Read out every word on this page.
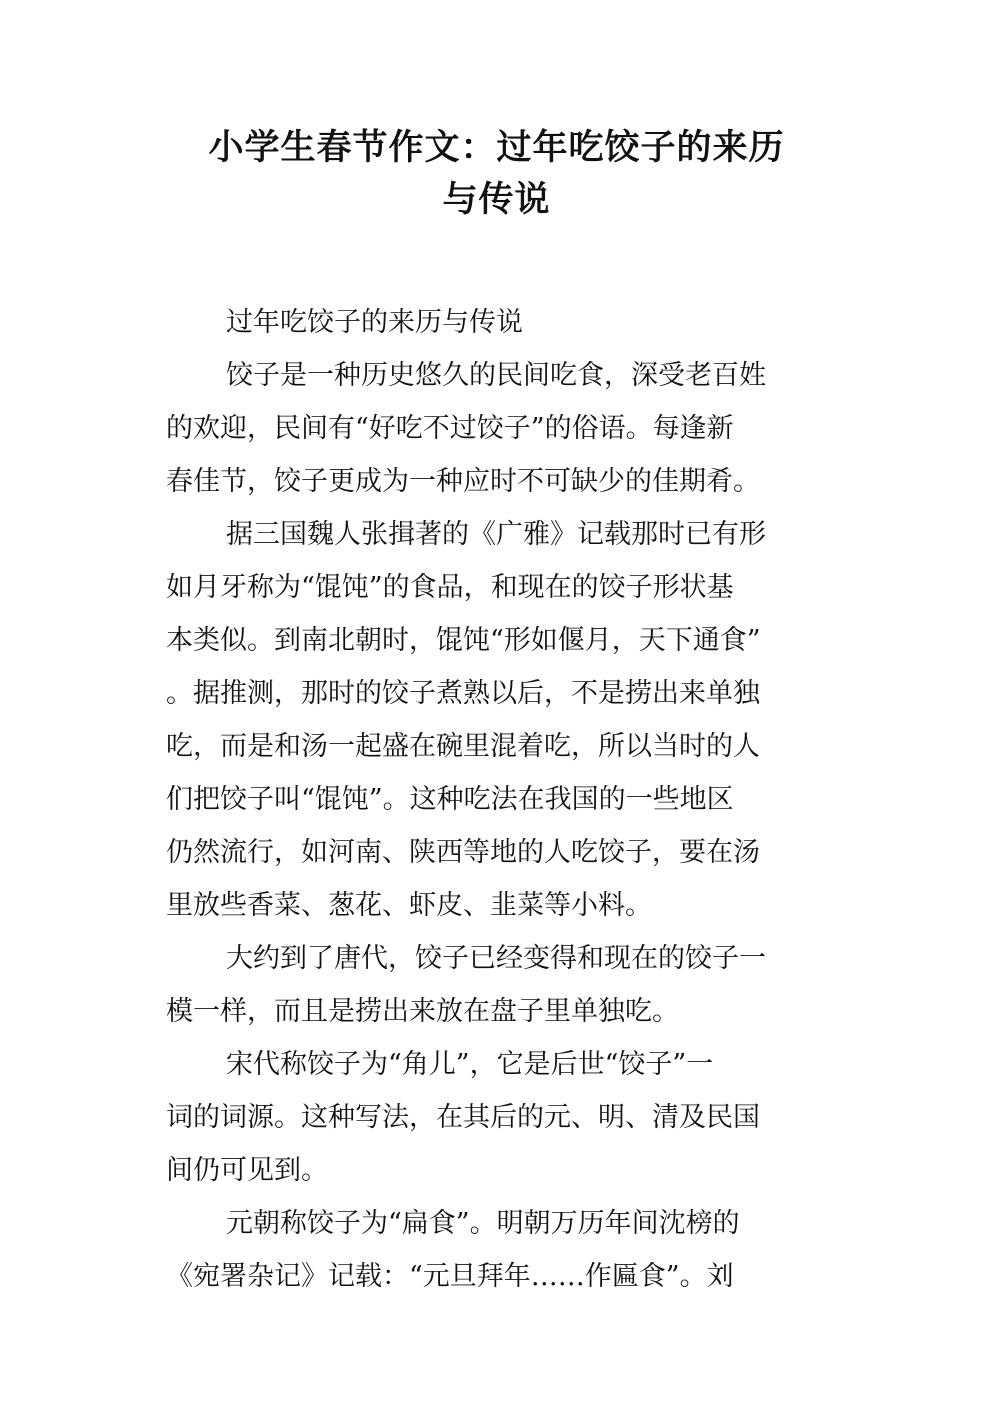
小学生春节作文：过年吃饺子的来历
与传说
过年吃饺子的来历与传说
饺子是一种历史悠久的民间吃食，深受老百姓
的欢迎，民间有“好吃不过饺子”的俗语。每逢新
春佳节，饺子更成为一种应时不可缺少的佳期肴。
据三国魏人张揖著的《广雅》记载那时已有形
如月牙称为“馄饨”的食品，和现在的饺子形状基
本类似。到南北朝时，馄饨“形如偃月，天下通食”
。据推测，那时的饺子煮熟以后，不是捞出来单独
吃，而是和汤一起盛在碗里混着吃，所以当时的人
们把饺子叫“馄饨”。这种吃法在我国的一些地区
仍然流行，如河南、陕西等地的人吃饺子，要在汤
里放些香菜、葱花、虾皮、韭菜等小料。
大约到了唐代，饺子已经变得和现在的饺子一
模一样，而且是捞出来放在盘子里单独吃。
宋代称饺子为“角儿”，它是后世“饺子”一
词的词源。这种写法，在其后的元、明、清及民国
间仍可见到。
元朝称饺子为“扁食”。明朝万历年间沈榜的
《宛署杂记》记载：“元旦拜年……作匾食”。刘
